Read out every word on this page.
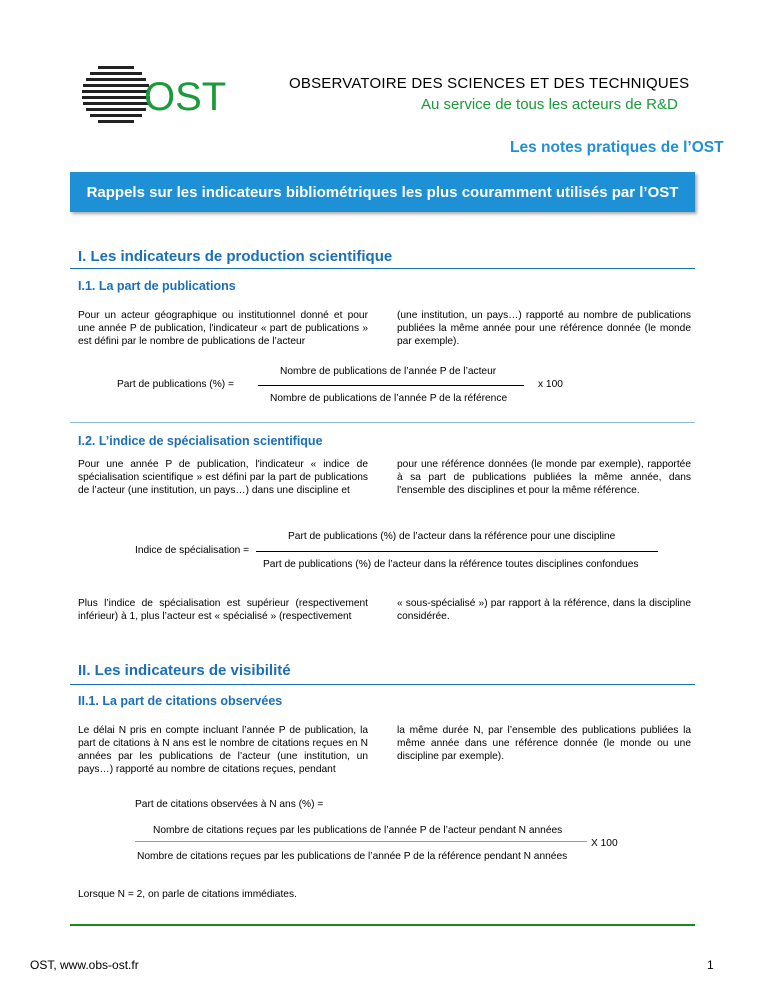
OST	OBSERVATOIRE DES SCIENCES ET DES TECHNIQUES
Au service de tous les acteurs de R&D
Les notes pratiques de l’OST
Rappels sur les indicateurs bibliométriques les plus couramment utilisés par l’OST
I. Les indicateurs de production scientifique
I.1. La part de publications
Pour un acteur géographique ou institutionnel donné et pour une année P de publication, l'indicateur « part de publications » est défini par le nombre de publications de l’acteur
(une institution, un pays…) rapporté au nombre de publications publiées la même année pour une référence donnée (le monde par exemple).
Part de publications (%) =
Nombre de publications de l’année P de l’acteur
Nombre de publications de l’année P de la référence
x 100
I.2. L’indice de spécialisation scientifique
Pour une année P de publication, l'indicateur « indice de spécialisation scientifique » est défini par la part de publications de l’acteur (une institution, un pays…) dans une discipline et
pour une référence données (le monde par exemple), rapportée à sa part de publications publiées la même année, dans l'ensemble des disciplines et pour la même référence.
Part de publications (%) de l’acteur dans la référence pour une discipline
Indice de spécialisation =
Part de publications (%) de l’acteur dans la référence toutes disciplines confondues
Plus l’indice de spécialisation est supérieur (respectivement inférieur) à 1, plus l’acteur est « spécialisé » (respectivement
« sous-spécialisé ») par rapport à la référence, dans la discipline considérée.
II. Les indicateurs de visibilité
II.1. La part de citations observées
Le délai N pris en compte incluant l’année P de publication, la part de citations à N ans est le nombre de citations reçues en N années par les publications de l’acteur (une institution, un pays…) rapporté au nombre de citations reçues, pendant
la même durée N, par l’ensemble des publications publiées la même année dans une référence donnée (le monde ou une discipline par exemple).
Part de citations observées à N ans (%) =
Nombre de citations reçues par les publications de l’année P de l’acteur pendant N années
Nombre de citations reçues par les publications de l’année P de la référence pendant N années
X 100
Lorsque N = 2, on parle de citations immédiates.
OST, www.obs-ost.fr	1
